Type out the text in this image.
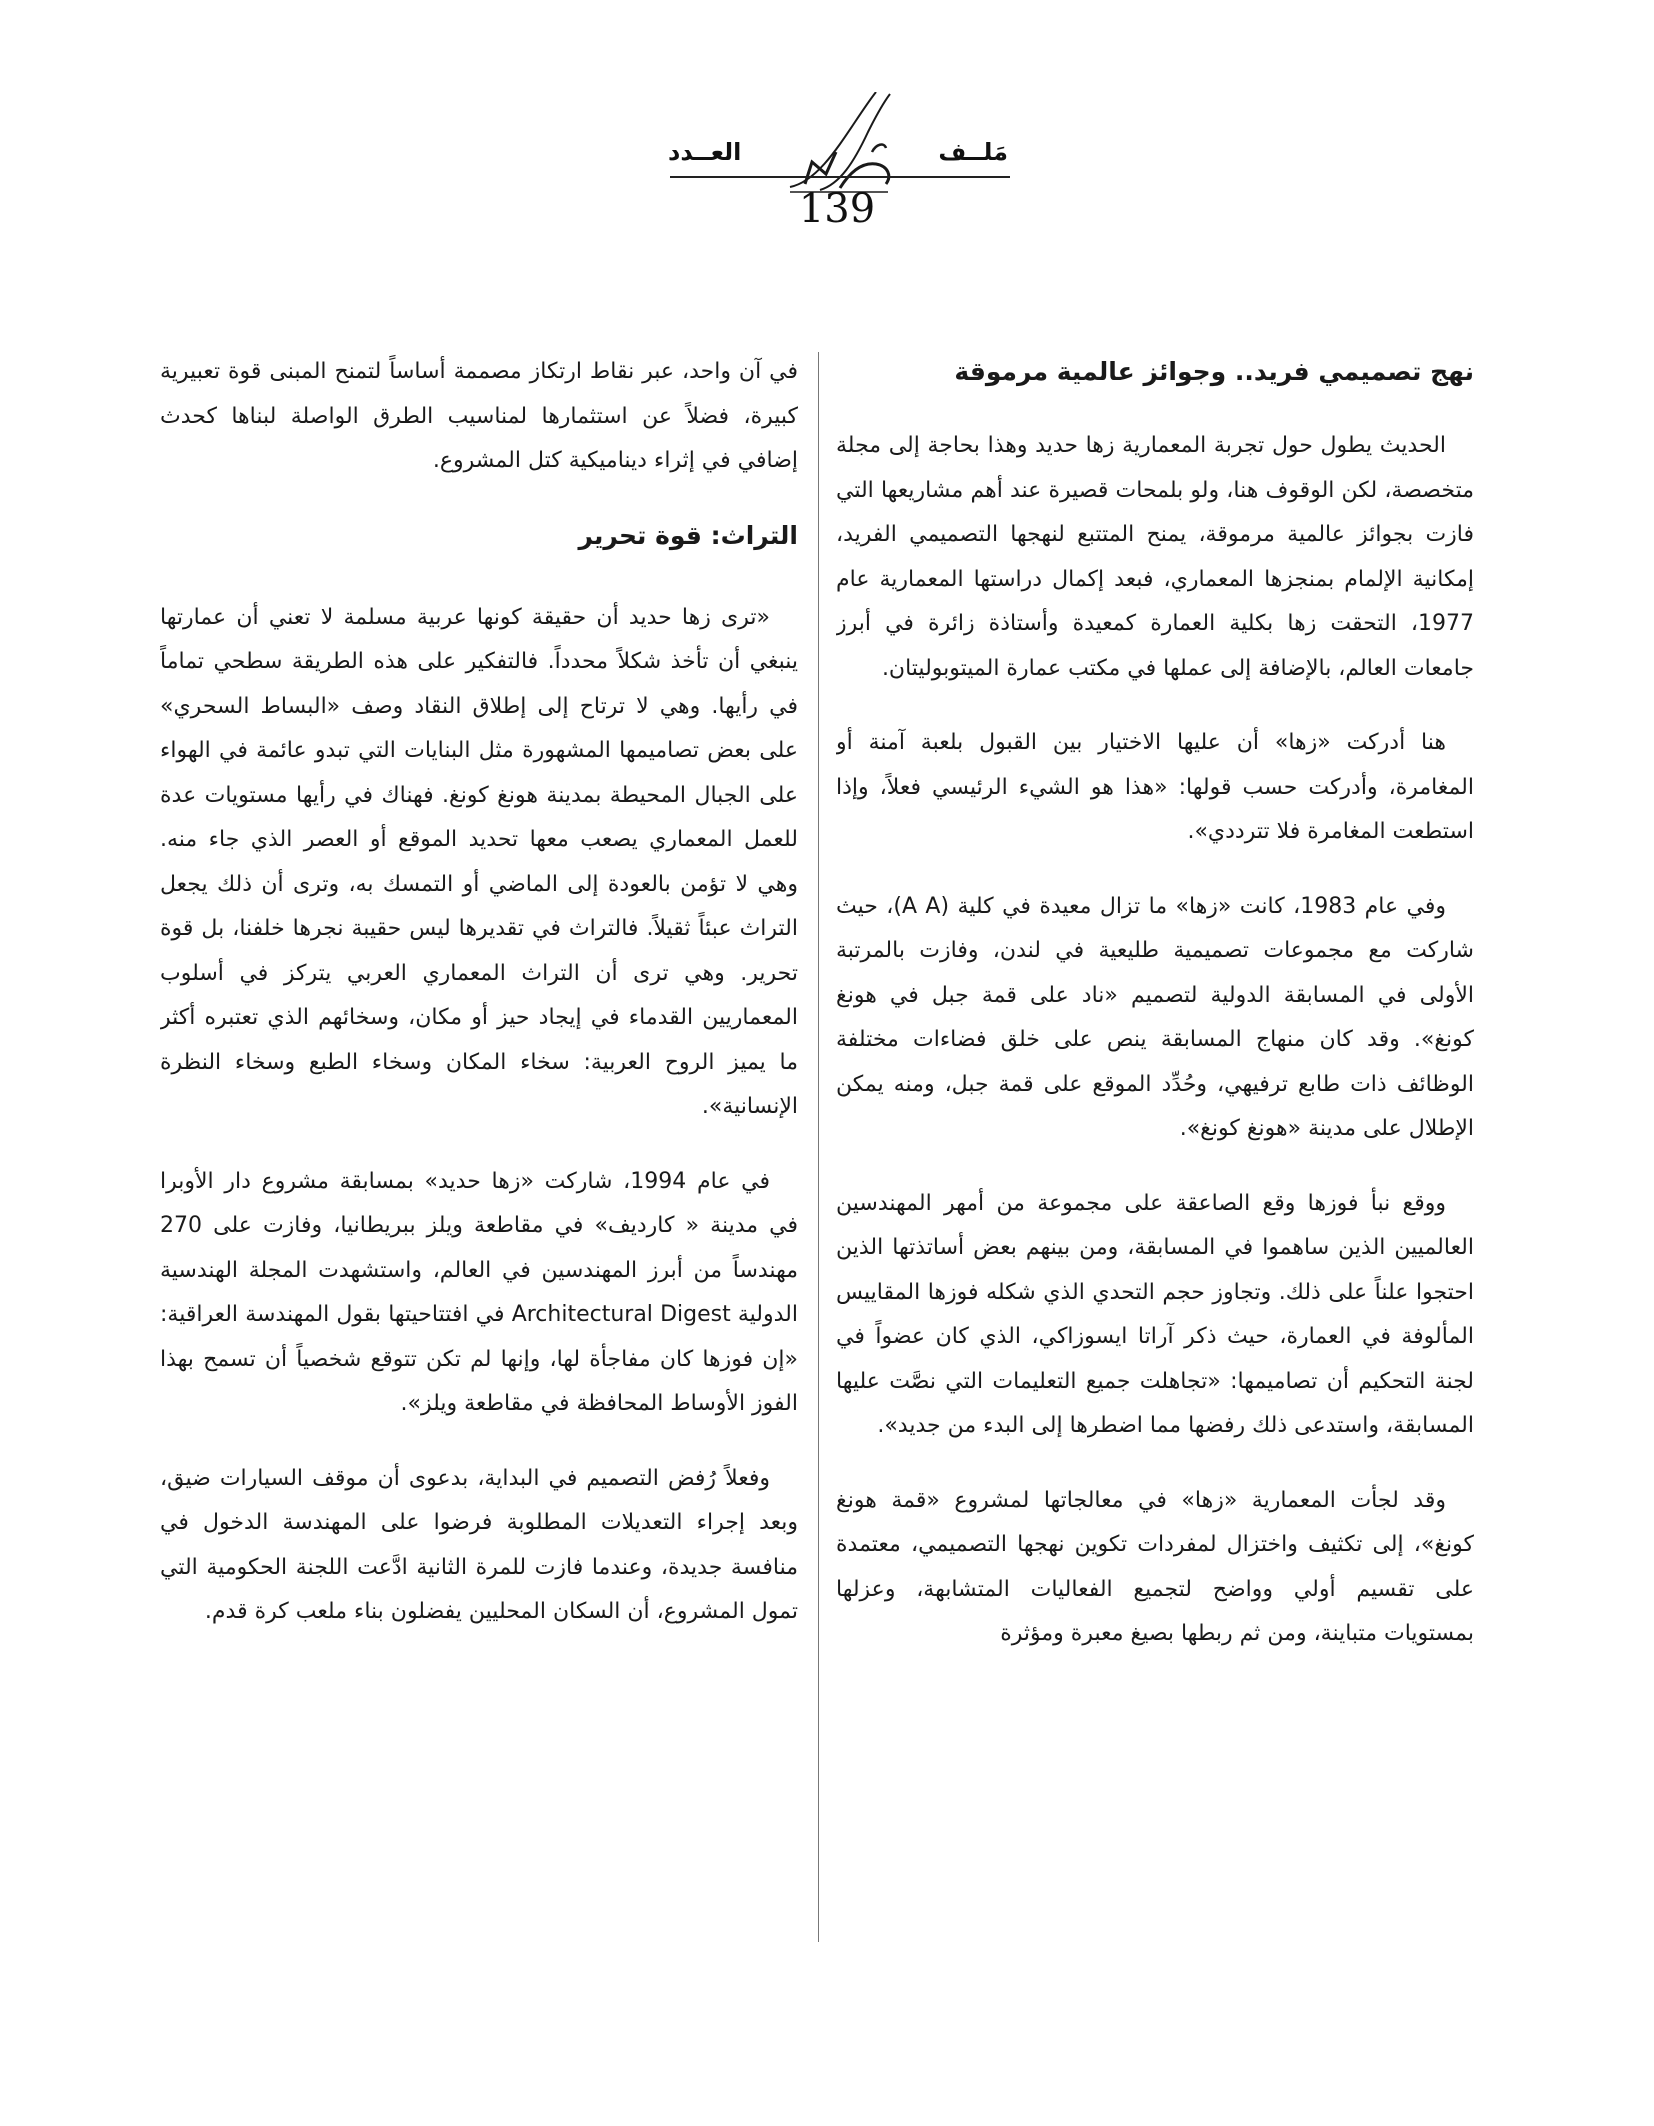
مَلــف
العــدد
139
نهج تصميمي فريد.. وجوائز عالمية مرموقة

الحديث يطول حول تجربة المعمارية زها حديد وهذا بحاجة إلى مجلة متخصصة، لكن الوقوف هنا، ولو بلمحات قصيرة عند أهم مشاريعها التي فازت بجوائز عالمية مرموقة، يمنح المتتبع لنهجها التصميمي الفريد، إمكانية الإلمام بمنجزها المعماري، فبعد إكمال دراستها المعمارية عام 1977، التحقت زها بكلية العمارة كمعيدة وأستاذة زائرة في أبرز جامعات العالم، بالإضافة إلى عملها في مكتب عمارة الميتوبوليتان.

هنا أدركت «زها» أن عليها الاختيار بين القبول بلعبة آمنة أو المغامرة، وأدركت حسب قولها: «هذا هو الشيء الرئيسي فعلاً، وإذا استطعت المغامرة فلا تترددي».

وفي عام 1983، كانت «زها» ما تزال معيدة في كلية (A A)، حيث شاركت مع مجموعات تصميمية طليعية في لندن، وفازت بالمرتبة الأولى في المسابقة الدولية لتصميم «ناد على قمة جبل في هونغ كونغ». وقد كان منهاج المسابقة ينص على خلق فضاءات مختلفة الوظائف ذات طابع ترفيهي، وحُدِّد الموقع على قمة جبل، ومنه يمكن الإطلال على مدينة «هونغ كونغ».

ووقع نبأ فوزها وقع الصاعقة على مجموعة من أمهر المهندسين العالميين الذين ساهموا في المسابقة، ومن بينهم بعض أساتذتها الذين احتجوا علناً على ذلك. وتجاوز حجم التحدي الذي شكله فوزها المقاييس المألوفة في العمارة، حيث ذكر آراتا ايسوزاكي، الذي كان عضواً في لجنة التحكيم أن تصاميمها: «تجاهلت جميع التعليمات التي نصَّت عليها المسابقة، واستدعى ذلك رفضها مما اضطرها إلى البدء من جديد».

وقد لجأت المعمارية «زها» في معالجاتها لمشروع «قمة هونغ كونغ»، إلى تكثيف واختزال لمفردات تكوين نهجها التصميمي، معتمدة على تقسيم أولي وواضح لتجميع الفعاليات المتشابهة، وعزلها بمستويات متباينة، ومن ثم ربطها بصيغ معبرة ومؤثرة

في آن واحد، عبر نقاط ارتكاز مصممة أساساً لتمنح المبنى قوة تعبيرية كبيرة، فضلاً عن استثمارها لمناسيب الطرق الواصلة لبناها كحدث إضافي في إثراء ديناميكية كتل المشروع.

التراث: قوة تحرير

«ترى زها حديد أن حقيقة كونها عربية مسلمة لا تعني أن عمارتها ينبغي أن تأخذ شكلاً محدداً. فالتفكير على هذه الطريقة سطحي تماماً في رأيها. وهي لا ترتاح إلى إطلاق النقاد وصف «البساط السحري» على بعض تصاميمها المشهورة مثل البنايات التي تبدو عائمة في الهواء على الجبال المحيطة بمدينة هونغ كونغ. فهناك في رأيها مستويات عدة للعمل المعماري يصعب معها تحديد الموقع أو العصر الذي جاء منه. وهي لا تؤمن بالعودة إلى الماضي أو التمسك به، وترى أن ذلك يجعل التراث عبئاً ثقيلاً. فالتراث في تقديرها ليس حقيبة نجرها خلفنا، بل قوة تحرير. وهي ترى أن التراث المعماري العربي يتركز في أسلوب المعماريين القدماء في إيجاد حيز أو مكان، وسخائهم الذي تعتبره أكثر ما يميز الروح العربية: سخاء المكان وسخاء الطبع وسخاء النظرة الإنسانية».

في عام 1994، شاركت «زها حديد» بمسابقة مشروع دار الأوبرا في مدينة « كارديف» في مقاطعة ويلز ببريطانيا، وفازت على 270 مهندساً من أبرز المهندسين في العالم، واستشهدت المجلة الهندسية الدولية Architectural Digest في افتتاحيتها بقول المهندسة العراقية: «إن فوزها كان مفاجأة لها، وإنها لم تكن تتوقع شخصياً أن تسمح بهذا الفوز الأوساط المحافظة في مقاطعة ويلز».

وفعلاً رُفض التصميم في البداية، بدعوى أن موقف السيارات ضيق، وبعد إجراء التعديلات المطلوبة فرضوا على المهندسة الدخول في منافسة جديدة، وعندما فازت للمرة الثانية ادَّعت اللجنة الحكومية التي تمول المشروع، أن السكان المحليين يفضلون بناء ملعب كرة قدم.
